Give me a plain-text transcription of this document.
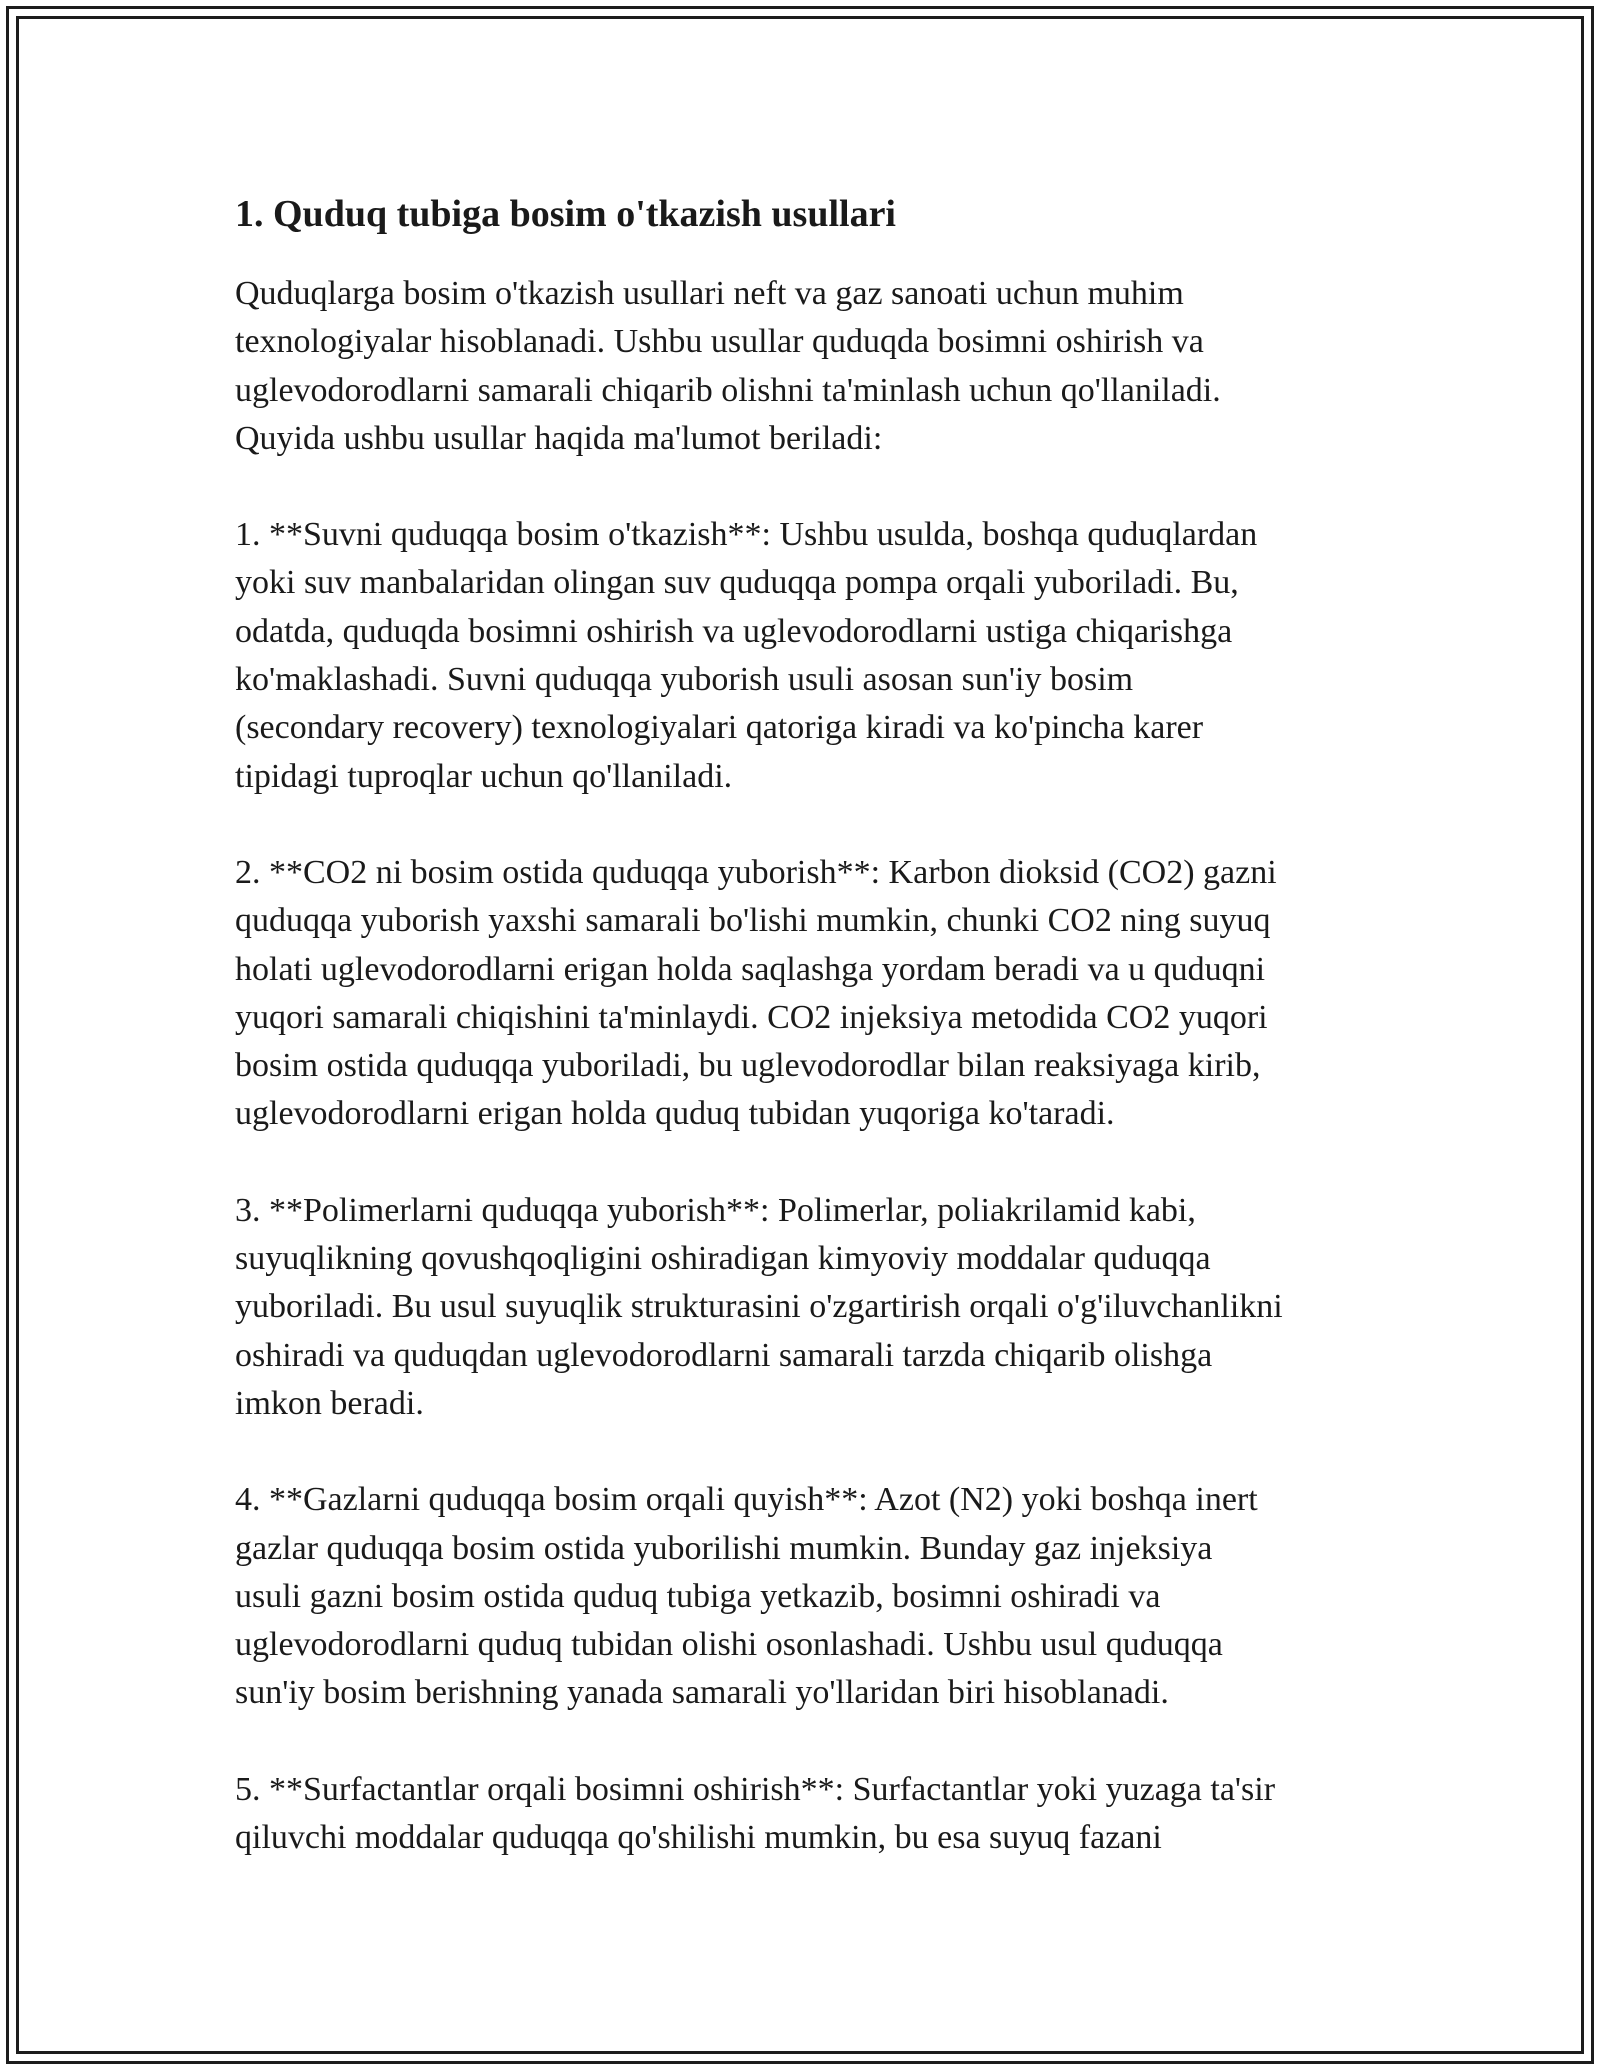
1. Quduq tubiga bosim o'tkazish usullari

Quduqlarga bosim o'tkazish usullari neft va gaz sanoati uchun muhim
texnologiyalar hisoblanadi. Ushbu usullar quduqda bosimni oshirish va
uglevodorodlarni samarali chiqarib olishni ta'minlash uchun qo'llaniladi.
Quyida ushbu usullar haqida ma'lumot beriladi:

1. **Suvni quduqqa bosim o'tkazish**: Ushbu usulda, boshqa quduqlardan
yoki suv manbalaridan olingan suv quduqqa pompa orqali yuboriladi. Bu,
odatda, quduqda bosimni oshirish va uglevodorodlarni ustiga chiqarishga
ko'maklashadi. Suvni quduqqa yuborish usuli asosan sun'iy bosim
(secondary recovery) texnologiyalari qatoriga kiradi va ko'pincha karer
tipidagi tuproqlar uchun qo'llaniladi.

2. **CO2 ni bosim ostida quduqqa yuborish**: Karbon dioksid (CO2) gazni
quduqqa yuborish yaxshi samarali bo'lishi mumkin, chunki CO2 ning suyuq
holati uglevodorodlarni erigan holda saqlashga yordam beradi va u quduqni
yuqori samarali chiqishini ta'minlaydi. CO2 injeksiya metodida CO2 yuqori
bosim ostida quduqqa yuboriladi, bu uglevodorodlar bilan reaksiyaga kirib,
uglevodorodlarni erigan holda quduq tubidan yuqoriga ko'taradi.

3. **Polimerlarni quduqqa yuborish**: Polimerlar, poliakrilamid kabi,
suyuqlikning qovushqoqligini oshiradigan kimyoviy moddalar quduqqa
yuboriladi. Bu usul suyuqlik strukturasini o'zgartirish orqali o'g'iluvchanlikni
oshiradi va quduqdan uglevodorodlarni samarali tarzda chiqarib olishga
imkon beradi.

4. **Gazlarni quduqqa bosim orqali quyish**: Azot (N2) yoki boshqa inert
gazlar quduqqa bosim ostida yuborilishi mumkin. Bunday gaz injeksiya
usuli gazni bosim ostida quduq tubiga yetkazib, bosimni oshiradi va
uglevodorodlarni quduq tubidan olishi osonlashadi. Ushbu usul quduqqa
sun'iy bosim berishning yanada samarali yo'llaridan biri hisoblanadi.

5. **Surfactantlar orqali bosimni oshirish**: Surfactantlar yoki yuzaga ta'sir
qiluvchi moddalar quduqqa qo'shilishi mumkin, bu esa suyuq fazani
